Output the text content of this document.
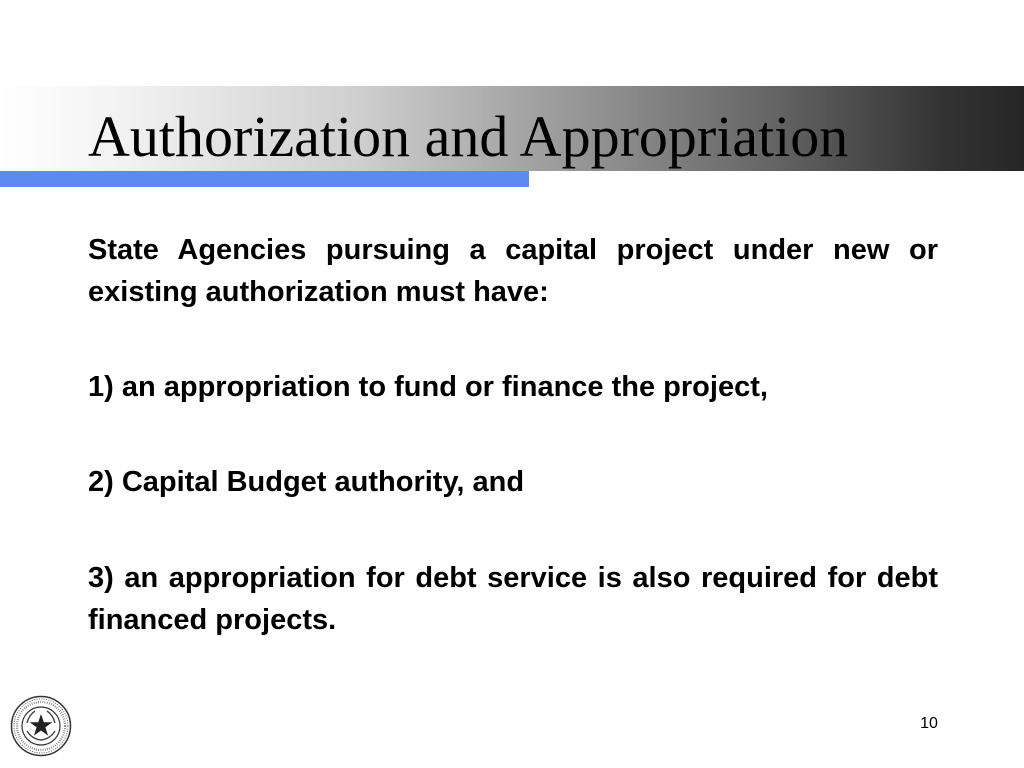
Authorization and Appropriation

State Agencies pursuing a capital project under new or existing authorization must have:

1) an appropriation to fund or finance the project,

2) Capital Budget authority, and

3) an appropriation for debt service is also required for debt financed projects.

10
